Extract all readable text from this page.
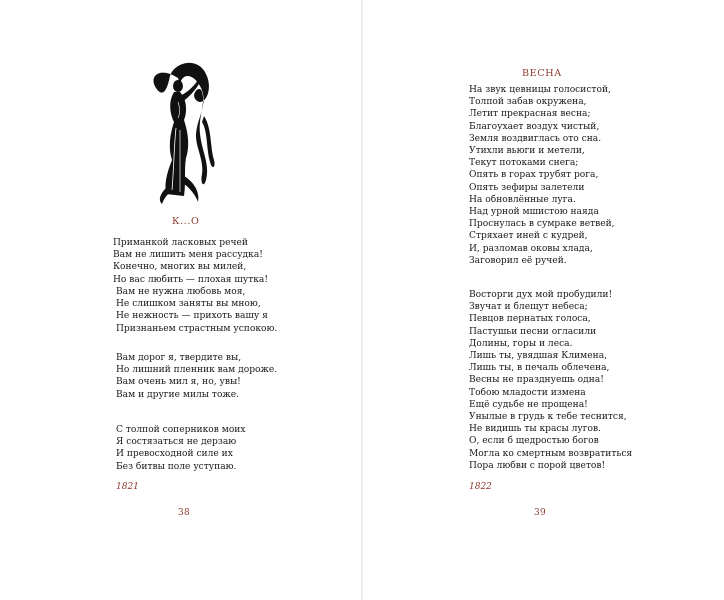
К...О
Приманкой ласковых речей
Вам не лишить меня рассудка!
Конечно, многих вы милей,
Но вас любить — плохая шутка!
Вам не нужна любовь моя,
Не слишком заняты вы мною,
Не нежность — прихоть вашу я
Признаньем страстным успокою.
Вам дорог я, твердите вы,
Но лишний пленник вам дороже.
Вам очень мил я, но, увы!
Вам и другие милы тоже.
С толпой соперников моих
Я состязаться не дерзаю
И превосходной силе их
Без битвы поле уступаю.
1821
38
ВЕСНА
На звук цевницы голосистой,
Толпой забав окружена,
Летит прекрасная весна;
Благоухает воздух чистый,
Земля воздвиглась ото сна.
Утихли вьюги и метели,
Текут потоками снега;
Опять в горах трубят рога,
Опять зефиры залетели
На обновлённые луга.
Над урной мшистою наяда
Проснулась в сумраке ветвей,
Стряхает иней с кудрей,
И, разломав оковы хлада,
Заговорил её ручей.
Восторги дух мой пробудили!
Звучат и блещут небеса;
Певцов пернатых голоса,
Пастушьи песни огласили
Долины, горы и леса.
Лишь ты, увядшая Климена,
Лишь ты, в печаль облечена,
Весны не празднуешь одна!
Тобою младости измена
Ещё судьбе не прощена!
Унылые в грудь к тебе теснится,
Не видишь ты красы лугов.
О, если б щедростью богов
Могла ко смертным возвратиться
Пора любви с порой цветов!
1822
39
